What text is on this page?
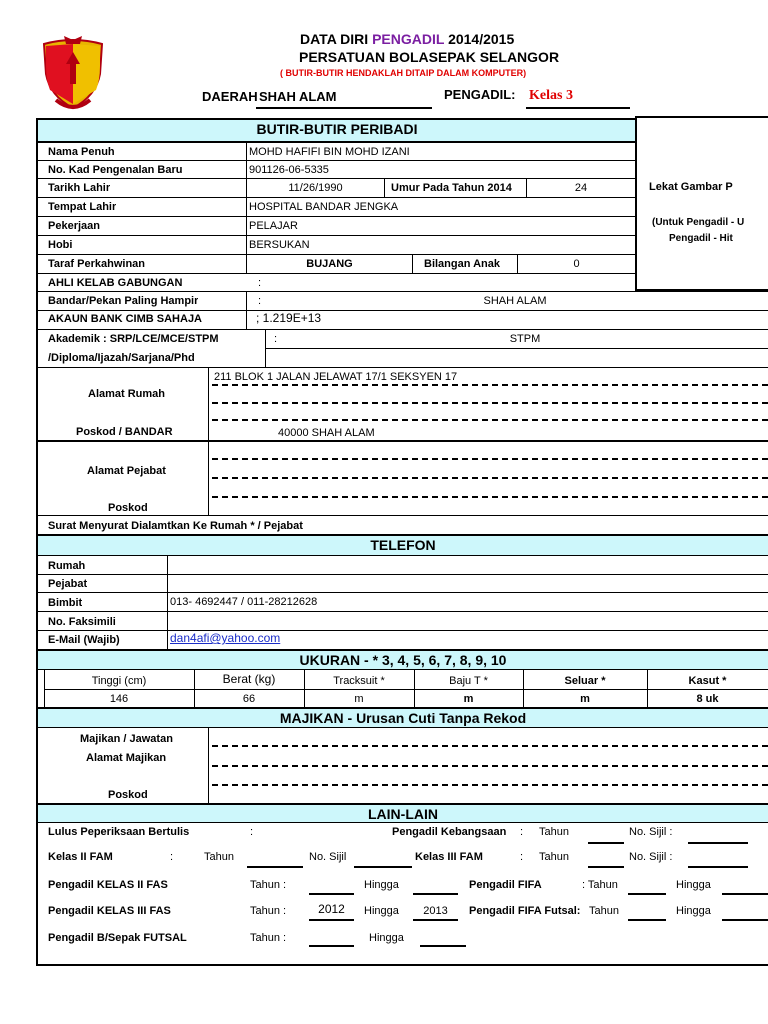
DATA DIRI PENGADIL 2014/2015
PERSATUAN BOLASEPAK SELANGOR
( BUTIR-BUTIR HENDAKLAH DITAIP DALAM KOMPUTER)
DAERAH SHAH ALAM	PENGADIL: Kelas 3
BUTIR-BUTIR PERIBADI
Lekat Gambar P
(Untuk Pengadil - U
Pengadil - Hit
Nama Penuh	MOHD HAFIFI BIN MOHD IZANI
No. Kad Pengenalan Baru	901126-06-5335
Tarikh Lahir	11/26/1990	Umur Pada Tahun 2014	24
Tempat Lahir	HOSPITAL BANDAR JENGKA
Pekerjaan	PELAJAR
Hobi	BERSUKAN
Taraf Perkahwinan	BUJANG	Bilangan Anak	0
AHLI KELAB GABUNGAN	:
Bandar/Pekan Paling Hampir	:	SHAH ALAM
AKAUN BANK CIMB SAHAJA	; 1.219E+13
Akademik : SRP/LCE/MCE/STPM
/Diploma/Ijazah/Sarjana/Phd
:	STPM
Alamat Rumah
211 BLOK 1 JALAN JELAWAT 17/1 SEKSYEN 17
Poskod / BANDAR	40000 SHAH ALAM
Alamat Pejabat
Poskod
Surat Menyurat Dialamtkan Ke Rumah * / Pejabat
TELEFON
Rumah
Pejabat
Bimbit	013- 4692447 / 011-28212628
No. Faksimili
E-Mail (Wajib)	dan4afi@yahoo.com
UKURAN - * 3, 4, 5, 6, 7, 8, 9, 10
Tinggi (cm)	Berat (kg)	Tracksuit *	Baju T *	Seluar *	Kasut *
146	66	m	m	m	8 uk
MAJIKAN - Urusan Cuti Tanpa Rekod
Majikan / Jawatan
Alamat Majikan
Poskod
LAIN-LAIN
Lulus Peperiksaan Bertulis	:	Pengadil Kebangsaan : Tahun	No. Sijil :
Kelas II FAM	:	Tahun	No. Sijil	Kelas III FAM	: Tahun	No. Sijil :
Pengadil KELAS II FAS	Tahun :	Hingga	Pengadil FIFA	: Tahun	Hingga
Pengadil KELAS III FAS	Tahun :	2012	Hingga	2013	Pengadil FIFA Futsal: Tahun	Hingga
Pengadil B/Sepak FUTSAL	Tahun :	Hingga
